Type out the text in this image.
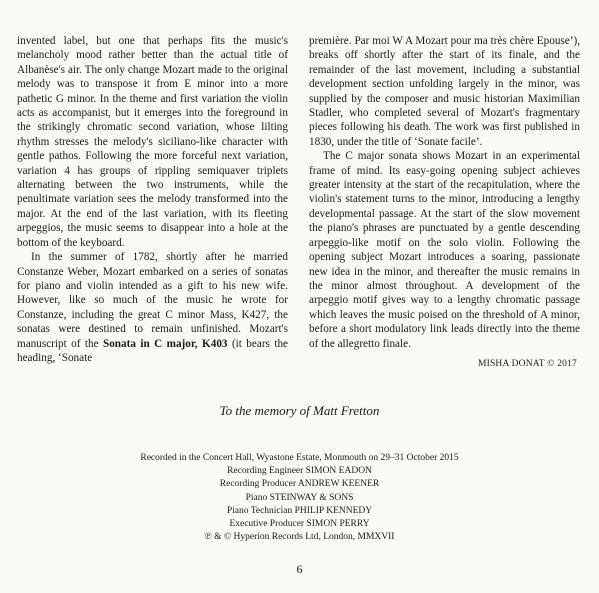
invented label, but one that perhaps fits the music's melancholy mood rather better than the actual title of Albanèse's air. The only change Mozart made to the original melody was to transpose it from E minor into a more pathetic G minor. In the theme and first variation the violin acts as accompanist, but it emerges into the foreground in the strikingly chromatic second variation, whose lilting rhythm stresses the melody's siciliano-like character with gentle pathos. Following the more forceful next variation, variation 4 has groups of rippling semiquaver triplets alternating between the two instruments, while the penultimate variation sees the melody transformed into the major. At the end of the last variation, with its fleeting arpeggios, the music seems to disappear into a hole at the bottom of the keyboard.

In the summer of 1782, shortly after he married Constanze Weber, Mozart embarked on a series of sonatas for piano and violin intended as a gift to his new wife. However, like so much of the music he wrote for Constanze, including the great C minor Mass, K427, the sonatas were destined to remain unfinished. Mozart's manuscript of the Sonata in C major, K403 (it bears the heading, ‘Sonate

première. Par moi W A Mozart pour ma très chère Epouse’), breaks off shortly after the start of its finale, and the remainder of the last movement, including a substantial development section unfolding largely in the minor, was supplied by the composer and music historian Maximilian Stadler, who completed several of Mozart's fragmentary pieces following his death. The work was first published in 1830, under the title of ‘Sonate facile’.

The C major sonata shows Mozart in an experimental frame of mind. Its easy-going opening subject achieves greater intensity at the start of the recapitulation, where the violin's statement turns to the minor, introducing a lengthy developmental passage. At the start of the slow movement the piano's phrases are punctuated by a gentle descending arpeggio-like motif on the solo violin. Following the opening subject Mozart introduces a soaring, passionate new idea in the minor, and thereafter the music remains in the minor almost throughout. A development of the arpeggio motif gives way to a lengthy chromatic passage which leaves the music poised on the threshold of A minor, before a short modulatory link leads directly into the theme of the allegretto finale.

MISHA DONAT © 2017
To the memory of Matt Fretton
Recorded in the Concert Hall, Wyastone Estate, Monmouth on 29–31 October 2015
Recording Engineer SIMON EADON
Recording Producer ANDREW KEENER
Piano STEINWAY & SONS
Piano Technician PHILIP KENNEDY
Executive Producer SIMON PERRY
℗ & © Hyperion Records Ltd, London, MMXVII
6
